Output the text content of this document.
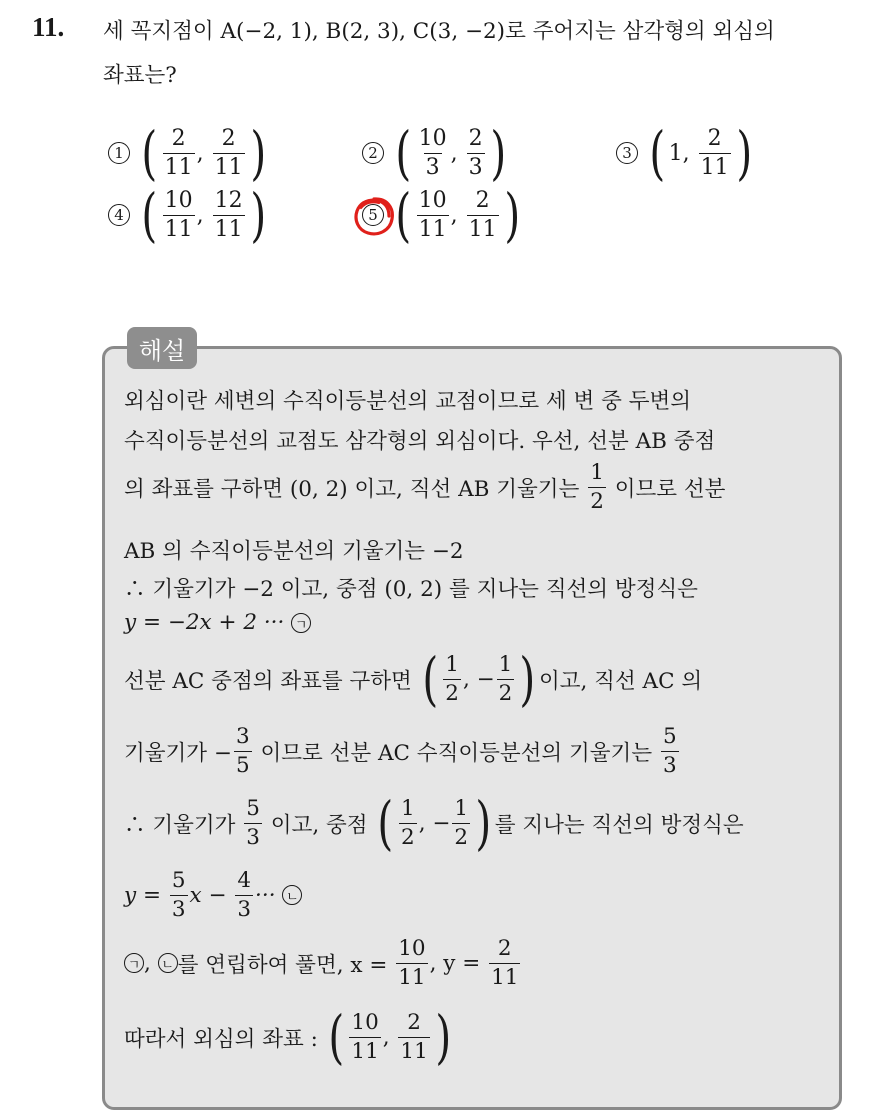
11. 세 꼭지점이 A(−2, 1), B(2, 3), C(3, −2)로 주어지는 삼각형의 외심의
좌표는?
1 ( $\frac{2}{11}$ , $\frac{2}{11}$ )	2 ( $\frac{10}{3}$ , $\frac{2}{3}$ )	3 ( 1 , $\frac{2}{11}$ )
4 ( $\frac{10}{11}$ , $\frac{12}{11}$ )	5 ( $\frac{10}{11}$ , $\frac{2}{11}$ )
해설
외심이란 세변의 수직이등분선의 교점이므로 세 변 중 두변의
수직이등분선의 교점도 삼각형의 외심이다. 우선, 선분 AB 중점
의 좌표를 구하면 (0, 2) 이고, 직선 AB 기울기는
$\frac{1}{2}$
이므로 선분
AB 의 수직이등분선의 기울기는 −2
∴ 기울기가 −2 이고, 중점 (0, 2) 를 지나는 직선의 방정식은
y = −2x + 2 ··· ㄱ
선분 AC 중점의 좌표를 구하면
( $\frac{1}{2}$ , − $\frac{1}{2}$ ) 이고, 직선 AC 의
기울기가 − $\frac{3}{5}$
이므로 선분 AC 수직이등분선의 기울기는
$\frac{5}{3}$
∴ 기울기가
$\frac{5}{3}$
이고, 중점
( $\frac{1}{2}$ , − $\frac{1}{2}$ ) 를 지나는 직선의 방정식은
y =
$\frac{5}{3}$ x −
$\frac{4}{3}$ ···
ㄴ
ㄱ , ㄴ 를 연립하여 풀면, x =
$\frac{10}{11}$ , y =
$\frac{2}{11}$
따라서 외심의 좌표 :
( $\frac{10}{11}$ , $\frac{2}{11}$ )
